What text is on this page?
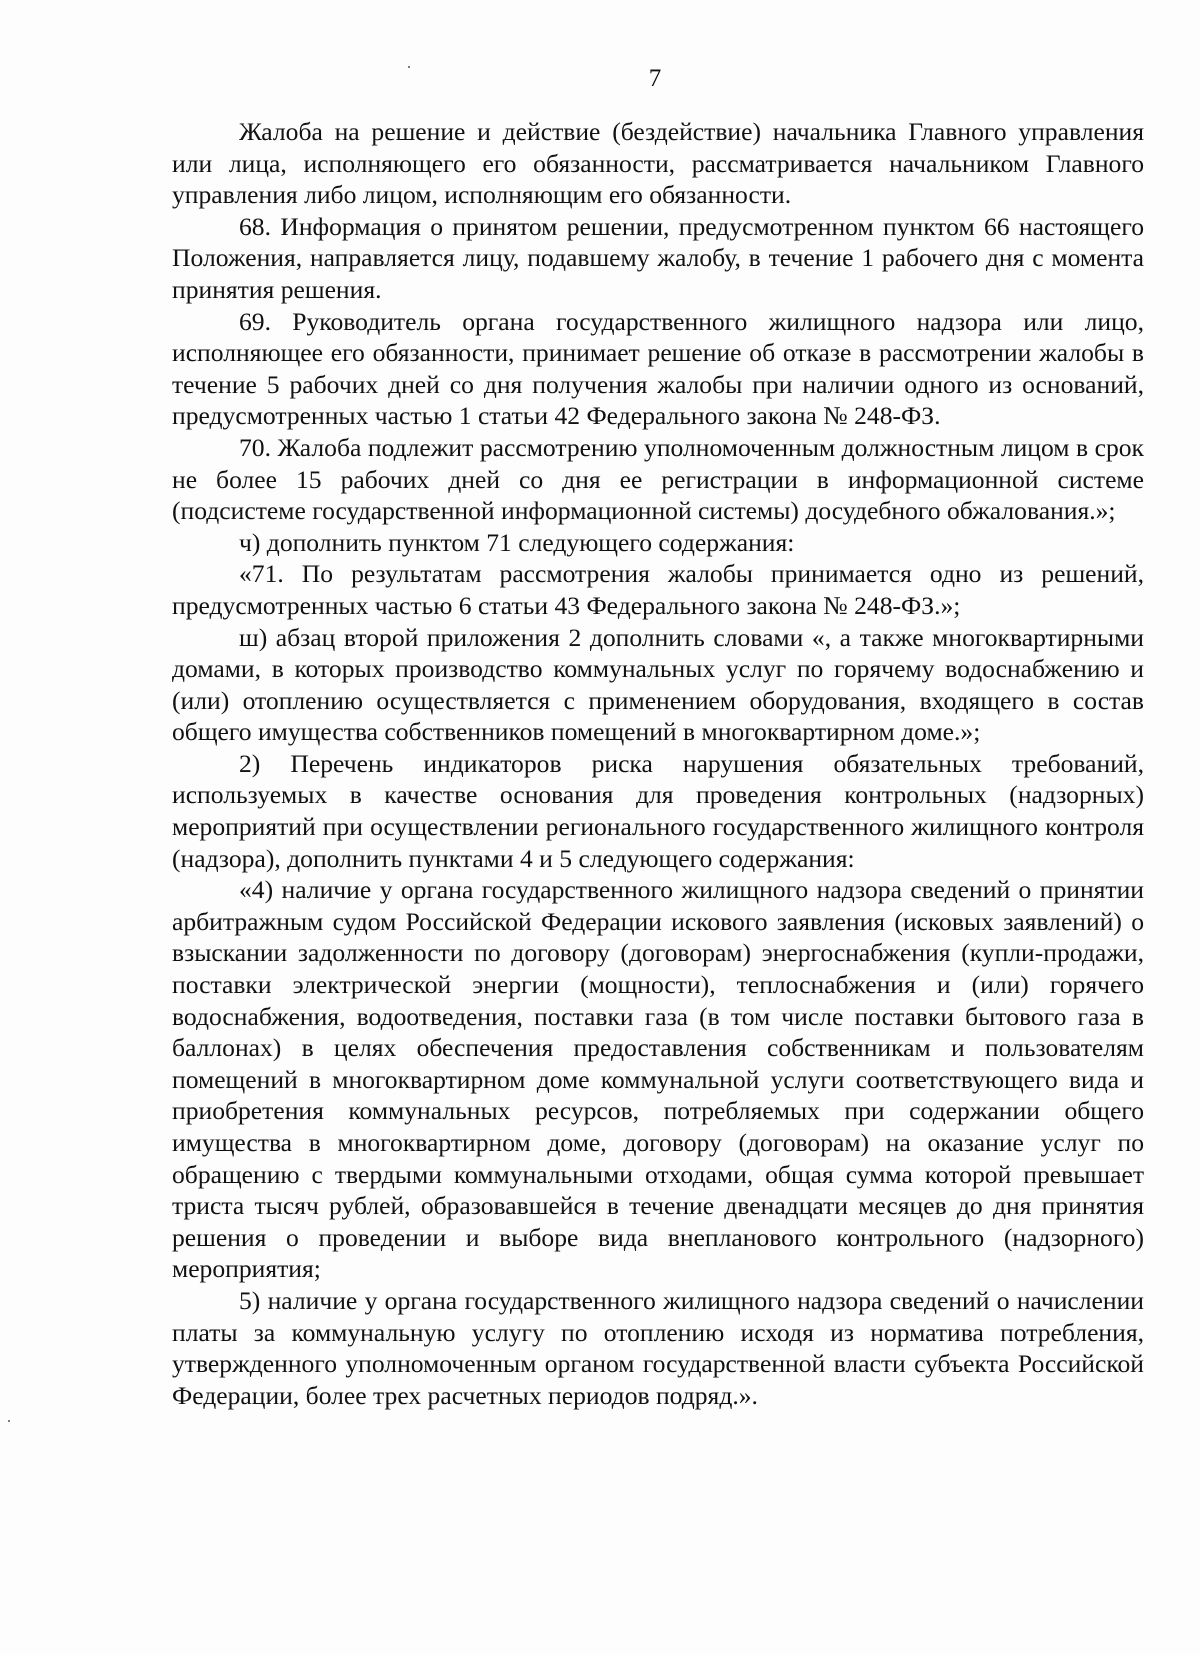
7

Жалоба на решение и действие (бездействие) начальника Главного управления или лица, исполняющего его обязанности, рассматривается начальником Главного управления либо лицом, исполняющим его обязанности.

68. Информация о принятом решении, предусмотренном пунктом 66 настоящего Положения, направляется лицу, подавшему жалобу, в течение 1 рабочего дня с момента принятия решения.

69. Руководитель органа государственного жилищного надзора или лицо, исполняющее его обязанности, принимает решение об отказе в рассмотрении жалобы в течение 5 рабочих дней со дня получения жалобы при наличии одного из оснований, предусмотренных частью 1 статьи 42 Федерального закона № 248-ФЗ.

70. Жалоба подлежит рассмотрению уполномоченным должностным лицом в срок не более 15 рабочих дней со дня ее регистрации в информационной системе (подсистеме государственной информационной системы) досудебного обжалования.»;

ч) дополнить пунктом 71 следующего содержания:

«71. По результатам рассмотрения жалобы принимается одно из решений, предусмотренных частью 6 статьи 43 Федерального закона № 248-ФЗ.»;

ш) абзац второй приложения 2 дополнить словами «, а также многоквартирными домами, в которых производство коммунальных услуг по горячему водоснабжению и (или) отоплению осуществляется с применением оборудования, входящего в состав общего имущества собственников помещений в многоквартирном доме.»;

2) Перечень индикаторов риска нарушения обязательных требований, используемых в качестве основания для проведения контрольных (надзорных) мероприятий при осуществлении регионального государственного жилищного контроля (надзора), дополнить пунктами 4 и 5 следующего содержания:

«4) наличие у органа государственного жилищного надзора сведений о принятии арбитражным судом Российской Федерации искового заявления (исковых заявлений) о взыскании задолженности по договору (договорам) энергоснабжения (купли-продажи, поставки электрической энергии (мощности), теплоснабжения и (или) горячего водоснабжения, водоотведения, поставки газа (в том числе поставки бытового газа в баллонах) в целях обеспечения предоставления собственникам и пользователям помещений в многоквартирном доме коммунальной услуги соответствующего вида и приобретения коммунальных ресурсов, потребляемых при содержании общего имущества в многоквартирном доме, договору (договорам) на оказание услуг по обращению с твердыми коммунальными отходами, общая сумма которой превышает триста тысяч рублей, образовавшейся в течение двенадцати месяцев до дня принятия решения о проведении и выборе вида внепланового контрольного (надзорного) мероприятия;

5) наличие у органа государственного жилищного надзора сведений о начислении платы за коммунальную услугу по отоплению исходя из норматива потребления, утвержденного уполномоченным органом государственной власти субъекта Российской Федерации, более трех расчетных периодов подряд.».
